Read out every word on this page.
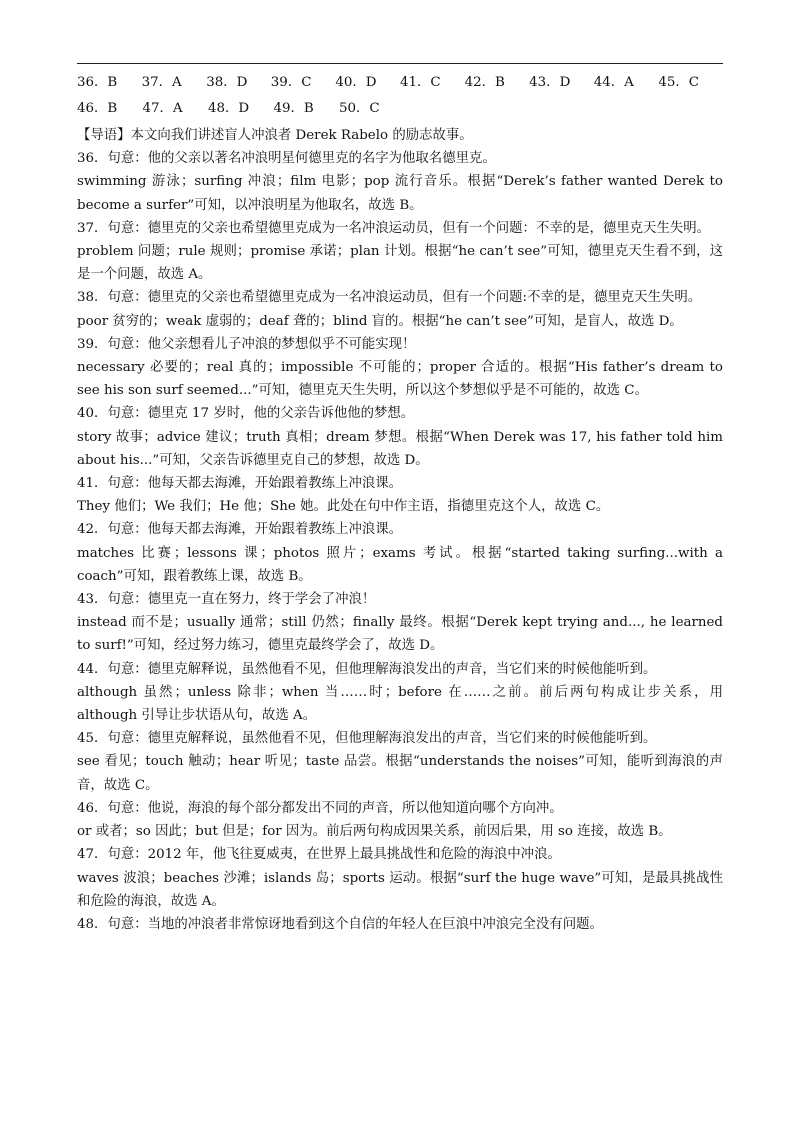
36．B	37．A	38．D	39．C	40．D	41．C	42．B	43．D	44．A	45．C
46．B	47．A	48．D	49．B	50．C

【导语】本文向我们讲述盲人冲浪者 Derek Rabelo 的励志故事。

36．句意：他的父亲以著名冲浪明星何德里克的名字为他取名德里克。

swimming 游泳；surfing 冲浪；film 电影；pop 流行音乐。根据“Derek’s father wanted Derek to become a surfer”可知，以冲浪明星为他取名，故选 B。

37．句意：德里克的父亲也希望德里克成为一名冲浪运动员，但有一个问题：不幸的是，德里克天生失明。

problem 问题；rule 规则；promise 承诺；plan 计划。根据“he can’t see”可知，德里克天生看不到，这是一个问题，故选 A。

38．句意：德里克的父亲也希望德里克成为一名冲浪运动员，但有一个问题:不幸的是，德里克天生失明。

poor 贫穷的；weak 虚弱的；deaf 聋的；blind 盲的。根据“he can’t see”可知，是盲人，故选 D。

39．句意：他父亲想看儿子冲浪的梦想似乎不可能实现！

necessary 必要的；real 真的；impossible 不可能的；proper 合适的。根据“His father’s dream to see his son surf seemed...”可知，德里克天生失明，所以这个梦想似乎是不可能的，故选 C。

40．句意：德里克 17 岁时，他的父亲告诉他他的梦想。

story 故事；advice 建议；truth 真相；dream 梦想。根据“When Derek was 17, his father told him about his...”可知，父亲告诉德里克自己的梦想，故选 D。

41．句意：他每天都去海滩，开始跟着教练上冲浪课。

They 他们；We 我们；He 他；She 她。此处在句中作主语，指德里克这个人，故选 C。

42．句意：他每天都去海滩，开始跟着教练上冲浪课。

matches 比赛；lessons 课；photos 照片；exams 考试。根据“started taking surfing...with a coach”可知，跟着教练上课，故选 B。

43．句意：德里克一直在努力，终于学会了冲浪！

instead 而不是；usually 通常；still 仍然；finally 最终。根据“Derek kept trying and..., he learned to surf!”可知，经过努力练习，德里克最终学会了，故选 D。

44．句意：德里克解释说，虽然他看不见，但他理解海浪发出的声音，当它们来的时候他能听到。

although 虽然；unless 除非；when 当……时；before 在……之前。前后两句构成让步关系，用 although 引导让步状语从句，故选 A。

45．句意：德里克解释说，虽然他看不见，但他理解海浪发出的声音，当它们来的时候他能听到。

see 看见；touch 触动；hear 听见；taste 品尝。根据“understands the noises”可知，能听到海浪的声音，故选 C。

46．句意：他说，海浪的每个部分都发出不同的声音，所以他知道向哪个方向冲。

or 或者；so 因此；but 但是；for 因为。前后两句构成因果关系，前因后果，用 so 连接，故选 B。

47．句意：2012 年，他飞往夏威夷，在世界上最具挑战性和危险的海浪中冲浪。

waves 波浪；beaches 沙滩；islands 岛；sports 运动。根据“surf the huge wave”可知，是最具挑战性和危险的海浪，故选 A。

48．句意：当地的冲浪者非常惊讶地看到这个自信的年轻人在巨浪中冲浪完全没有问题。
